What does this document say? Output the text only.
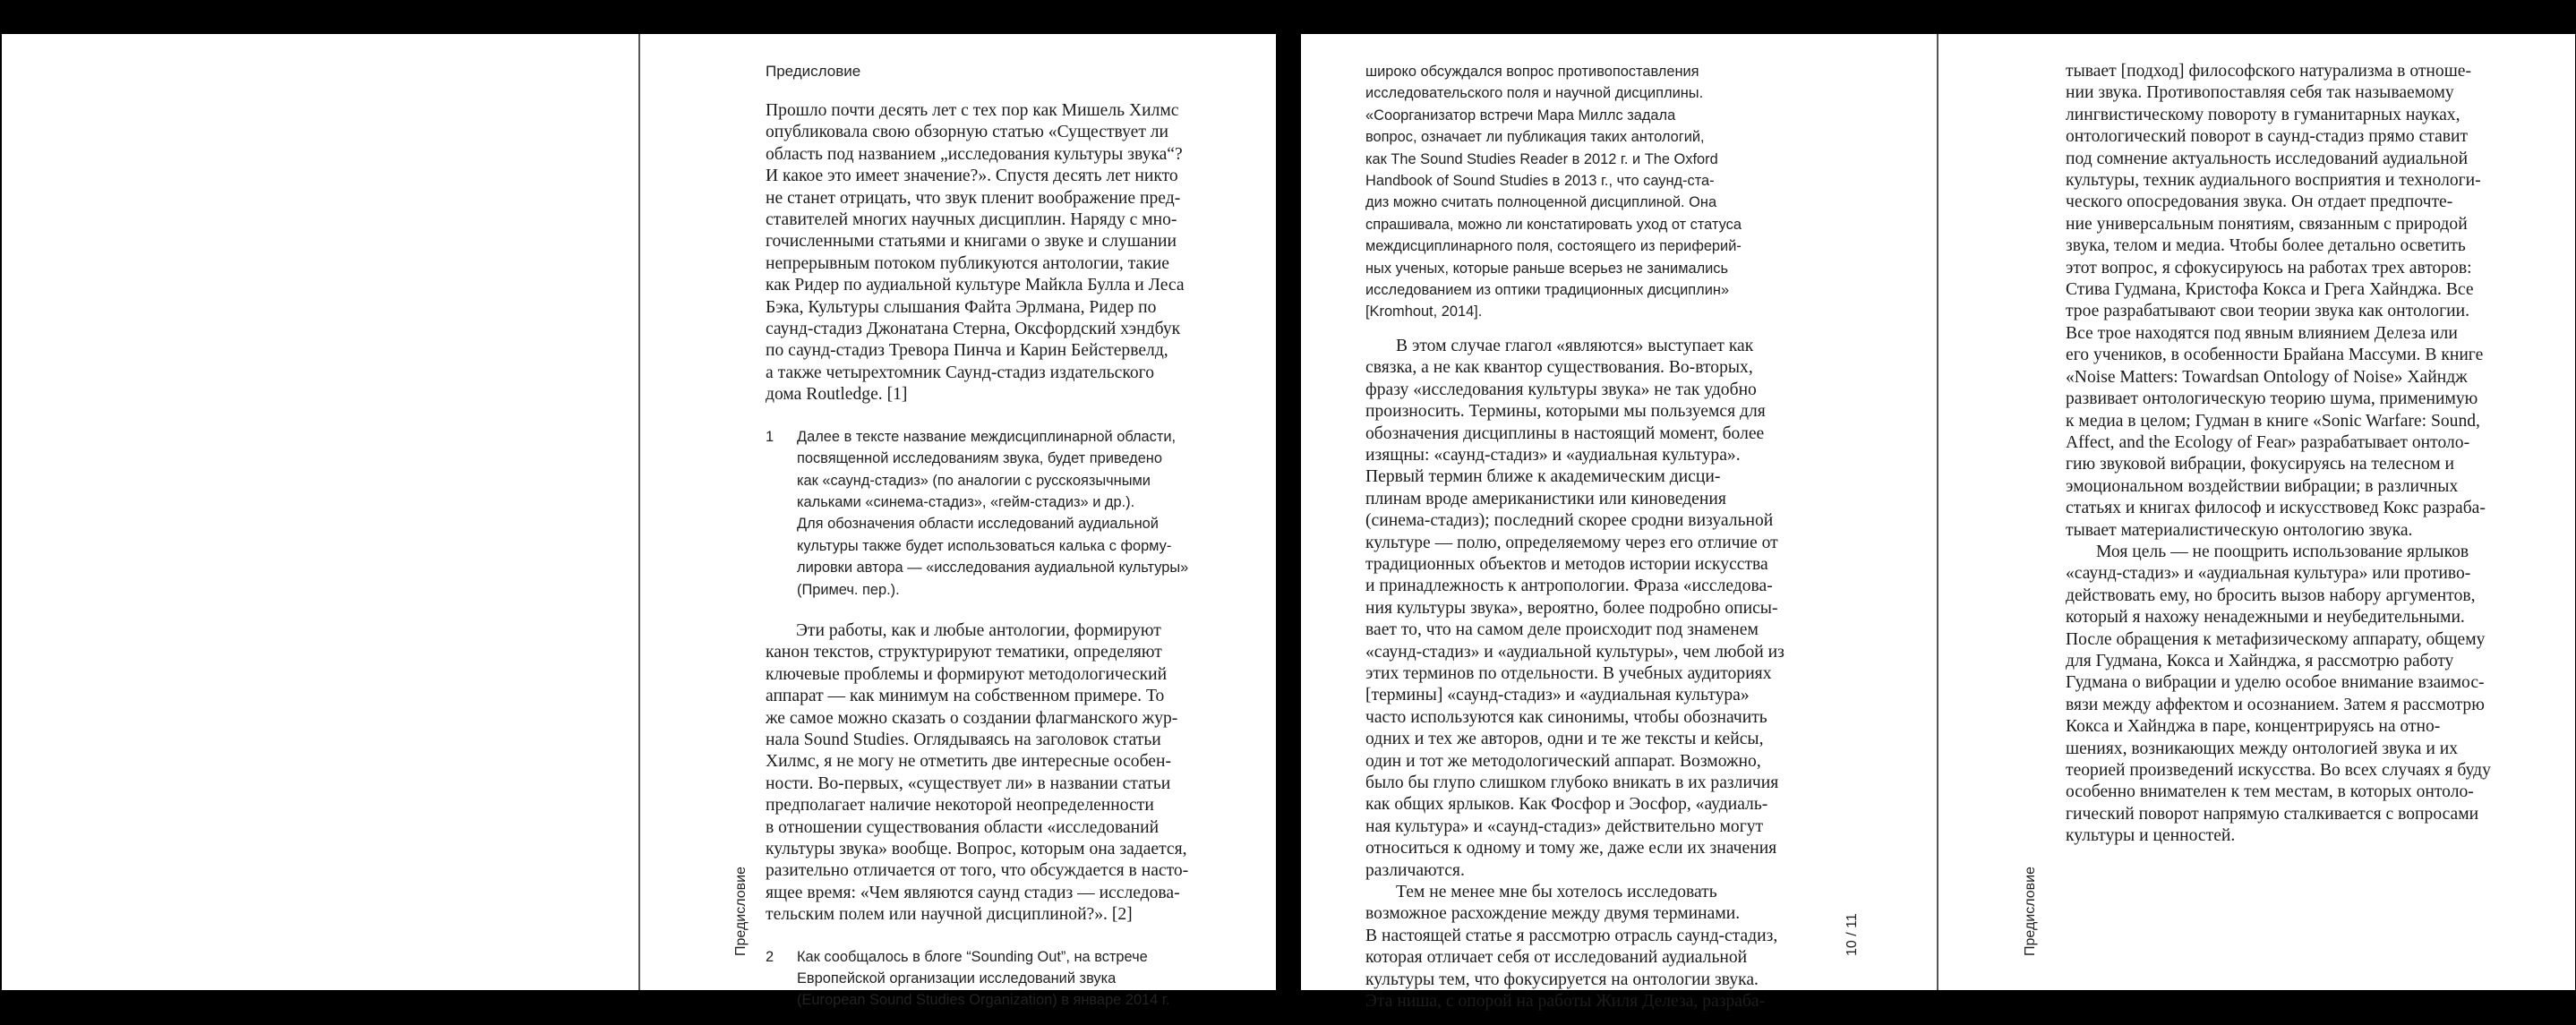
Предисловие
Предисловие
Прошло почти десять лет с тех пор как Мишель Хилмс
опубликовала свою обзорную статью «Существует ли
область под названием „исследования культуры звука“?
И какое это имеет значение?». Спустя десять лет никто
не станет отрицать, что звук пленит воображение пред-
ставителей многих научных дисциплин. Наряду с мно-
гочисленными статьями и книгами о звуке и слушании
непрерывным потоком публикуются антологии, такие
как Ридер по аудиальной культуре Майкла Булла и Леса
Бэка, Культуры слышания Файта Эрлмана, Ридер по
саунд-стадиз Джонатана Стерна, Оксфордский хэндбук
по саунд-стадиз Тревора Пинча и Карин Бейстервелд,
а также четырехтомник Саунд-стадиз издательского
дома Routledge. [1]
1 Далее в тексте название междисциплинарной области,
посвященной исследованиям звука, будет приведено
как «саунд-стадиз» (по аналогии с русскоязычными
кальками «синема-стадиз», «гейм-стадиз» и др.).
Для обозначения области исследований аудиальной
культуры также будет использоваться калька с форму-
лировки автора — «исследования аудиальной культуры»
(Примеч. пер.).
Эти работы, как и любые антологии, формируют
канон текстов, структурируют тематики, определяют
ключевые проблемы и формируют методологический
аппарат — как минимум на собственном примере. То
же самое можно сказать о создании флагманского жур-
нала Sound Studies. Оглядываясь на заголовок статьи
Хилмс, я не могу не отметить две интересные особен-
ности. Во-первых, «существует ли» в названии статьи
предполагает наличие некоторой неопределенности
в отношении существования области «исследований
культуры звука» вообще. Вопрос, которым она задается,
разительно отличается от того, что обсуждается в насто-
ящее время: «Чем являются саунд стадиз — исследова-
тельским полем или научной дисциплиной?». [2]
2 Как сообщалось в блоге “Sounding Out”, на встрече
Европейской организации исследований звука
(European Sound Studies Organization) в январе 2014 г.
широко обсуждался вопрос противопоставления
исследовательского поля и научной дисциплины.
«Соорганизатор встречи Мара Миллс задала
вопрос, означает ли публикация таких антологий,
как The Sound Studies Reader в 2012 г. и The Oxford
Handbook of Sound Studies в 2013 г., что саунд-ста-
диз можно считать полноценной дисциплиной. Она
спрашивала, можно ли констатировать уход от статуса
междисциплинарного поля, состоящего из периферий-
ных ученых, которые раньше всерьез не занимались
исследованием из оптики традиционных дисциплин»
[Kromhout, 2014].
В этом случае глагол «являются» выступает как
связка, а не как квантор существования. Во-вторых,
фразу «исследования культуры звука» не так удобно
произносить. Термины, которыми мы пользуемся для
обозначения дисциплины в настоящий момент, более
изящны: «саунд-стадиз» и «аудиальная культура».
Первый термин ближе к академическим дисци-
плинам вроде американистики или киноведения
(синема-стадиз); последний скорее сродни визуальной
культуре — полю, определяемому через его отличие от
традиционных объектов и методов истории искусства
и принадлежность к антропологии. Фраза «исследова-
ния культуры звука», вероятно, более подробно описы-
вает то, что на самом деле происходит под знаменем
«саунд-стадиз» и «аудиальной культуры», чем любой из
этих терминов по отдельности. В учебных аудиториях
[термины] «саунд-стадиз» и «аудиальная культура»
часто используются как синонимы, чтобы обозначить
одних и тех же авторов, одни и те же тексты и кейсы,
один и тот же методологический аппарат. Возможно,
было бы глупо слишком глубоко вникать в их различия
как общих ярлыков. Как Фосфор и Эосфор, «аудиаль-
ная культура» и «саунд-стадиз» действительно могут
относиться к одному и тому же, даже если их значения
различаются.
Тем не менее мне бы хотелось исследовать
возможное расхождение между двумя терминами.
В настоящей статье я рассмотрю отрасль саунд-стадиз,
которая отличает себя от исследований аудиальной
культуры тем, что фокусируется на онтологии звука.
Эта ниша, с опорой на работы Жиля Делеза, разраба-
10 / 11	Предисловие
тывает [подход] философского натурализма в отноше-
нии звука. Противопоставляя себя так называемому
лингвистическому повороту в гуманитарных науках,
онтологический поворот в саунд-стадиз прямо ставит
под сомнение актуальность исследований аудиальной
культуры, техник аудиального восприятия и технологи-
ческого опосредования звука. Он отдает предпочте-
ние универсальным понятиям, связанным с природой
звука, телом и медиа. Чтобы более детально осветить
этот вопрос, я сфокусируюсь на работах трех авторов:
Стива Гудмана, Кристофа Кокса и Грега Хайнджа. Все
трое разрабатывают свои теории звука как онтологии.
Все трое находятся под явным влиянием Делеза или
его учеников, в особенности Брайана Массуми. В книге
«Noise Matters: Towardsan Ontology of Noise» Хайндж
развивает онтологическую теорию шума, применимую
к медиа в целом; Гудман в книге «Sonic Warfare: Sound,
Affect, and the Ecology of Fear» разрабатывает онтоло-
гию звуковой вибрации, фокусируясь на телесном и
эмоциональном воздействии вибрации; в различных
статьях и книгах философ и искусствовед Кокс разраба-
тывает материалистическую онтологию звука.
Моя цель — не поощрить использование ярлыков
«саунд-стадиз» и «аудиальная культура» или противо-
действовать ему, но бросить вызов набору аргументов,
который я нахожу ненадежными и неубедительными.
После обращения к метафизическому аппарату, общему
для Гудмана, Кокса и Хайнджа, я рассмотрю работу
Гудмана о вибрации и уделю особое внимание взаимос-
вязи между аффектом и осознанием. Затем я рассмотрю
Кокса и Хайнджа в паре, концентрируясь на отно-
шениях, возникающих между онтологией звука и их
теорией произведений искусства. Во всех случаях я буду
особенно внимателен к тем местам, в которых онтоло-
гический поворот напрямую сталкивается с вопросами
культуры и ценностей.
